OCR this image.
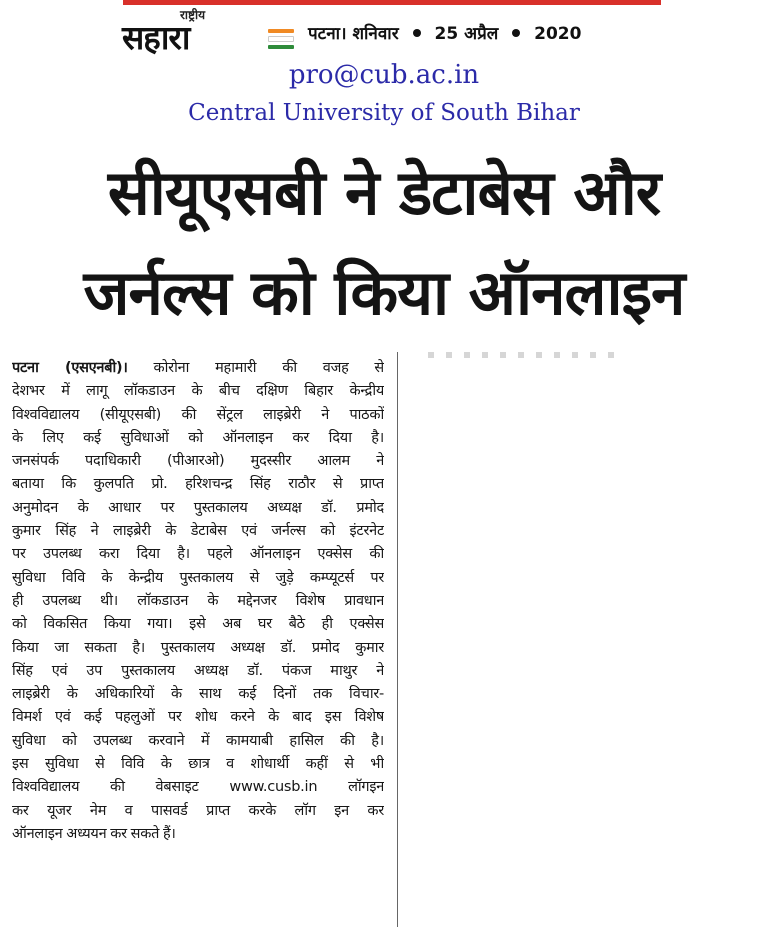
राष्ट्रीय
सहारा	पटना। शनिवार 25 अप्रैल 2020
pro@cub.ac.in
Central University of South Bihar
सीयूएसबी ने डेटाबेस और
जर्नल्स को किया ऑनलाइन
पटना (एसएनबी)। कोरोना महामारी की वजह से
देशभर में लागू लॉकडाउन के बीच दक्षिण बिहार केन्द्रीय
विश्वविद्यालय (सीयूएसबी) की सेंट्रल लाइब्रेरी ने पाठकों
के लिए कई सुविधाओं को ऑनलाइन कर दिया है।
जनसंपर्क पदाधिकारी (पीआरओ) मुदस्सीर आलम ने
बताया कि कुलपति प्रो. हरिशचन्द्र सिंह राठौर से प्राप्त
अनुमोदन के आधार पर पुस्तकालय अध्यक्ष डॉ. प्रमोद
कुमार सिंह ने लाइब्रेरी के डेटाबेस एवं जर्नल्स को इंटरनेट
पर उपलब्ध करा दिया है। पहले ऑनलाइन एक्सेस की
सुविधा विवि के केन्द्रीय पुस्तकालय से जुड़े कम्प्यूटर्स पर
ही उपलब्ध थी। लॉकडाउन के मद्देनजर विशेष प्रावधान
को विकसित किया गया। इसे अब घर बैठे ही एक्सेस
किया जा सकता है। पुस्तकालय अध्यक्ष डॉ. प्रमोद कुमार
सिंह एवं उप पुस्तकालय अध्यक्ष डॉ. पंकज माथुर ने
लाइब्रेरी के अधिकारियों के साथ कई दिनों तक विचार-
विमर्श एवं कई पहलुओं पर शोध करने के बाद इस विशेष
सुविधा को उपलब्ध करवाने में कामयाबी हासिल की है।
इस सुविधा से विवि के छात्र व शोधार्थी कहीं से भी
विश्वविद्यालय की वेबसाइट www.cusb.in लॉगइन
कर यूजर नेम व पासवर्ड प्राप्त करके लॉग इन कर
ऑनलाइन अध्ययन कर सकते हैं।
